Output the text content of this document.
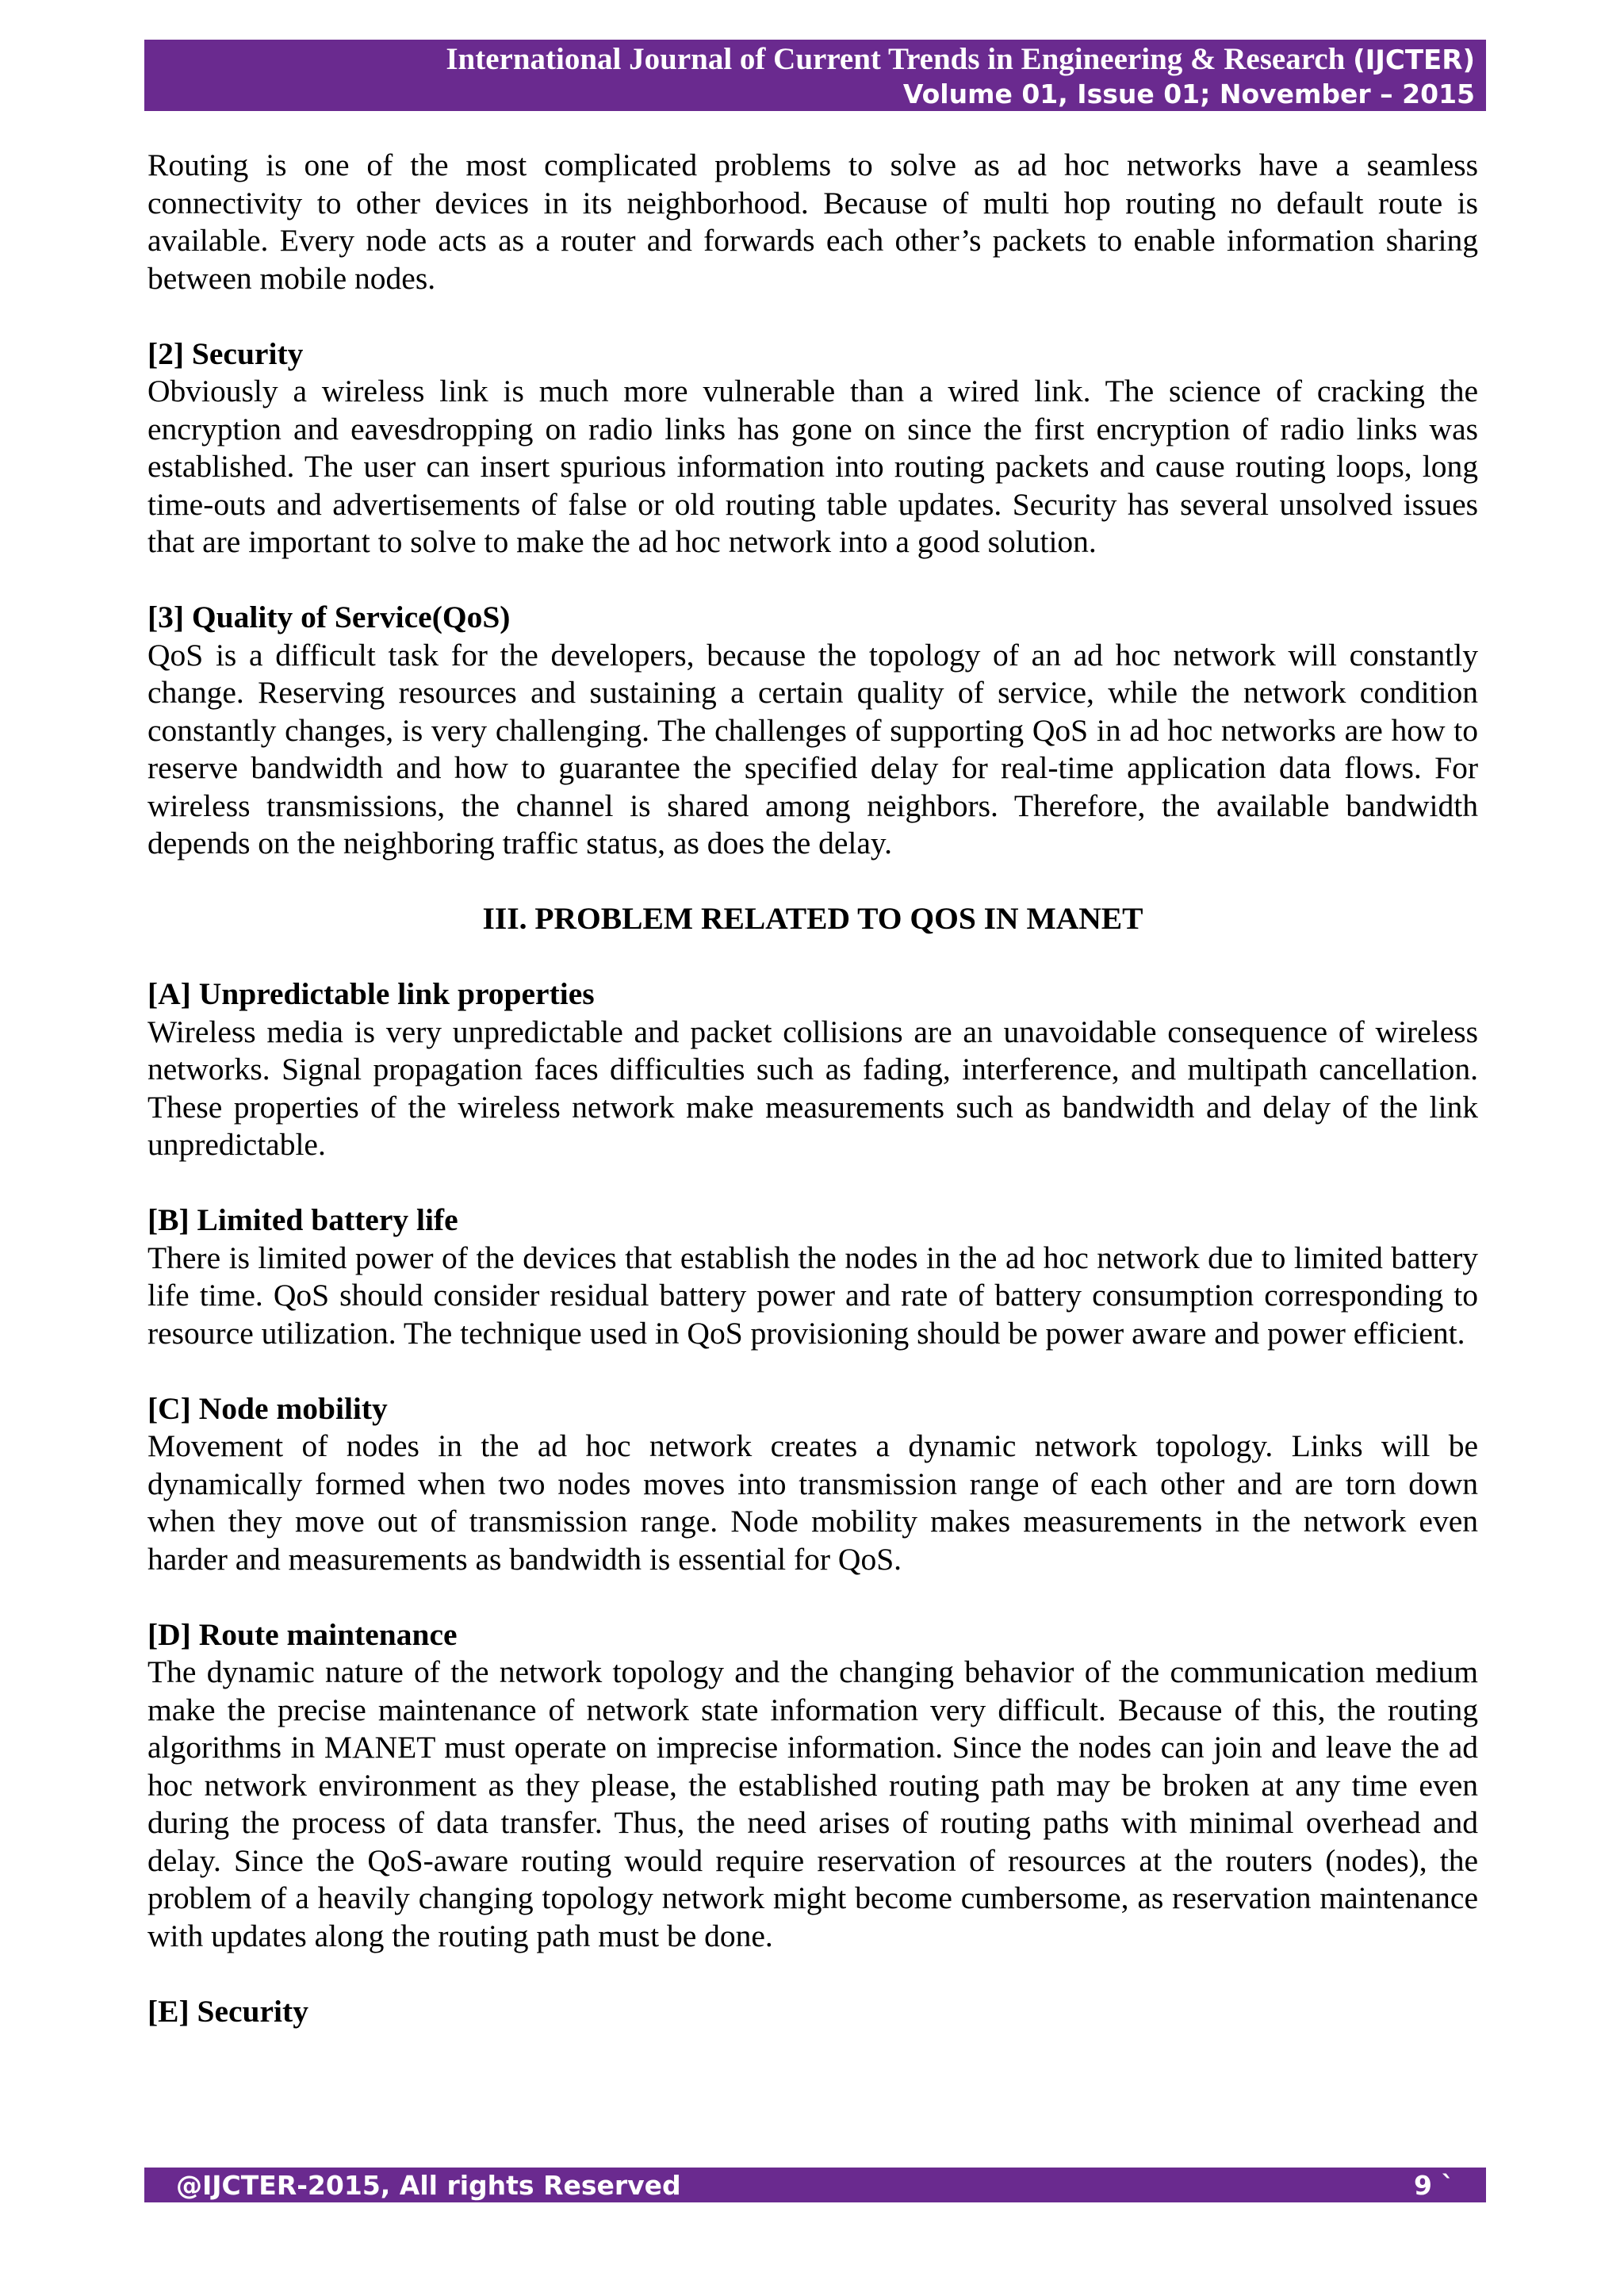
International Journal of Current Trends in Engineering & Research (IJCTER)
Volume 01, Issue 01; November – 2015

Routing is one of the most complicated problems to solve as ad hoc networks have a seamless connectivity to other devices in its neighborhood. Because of multi hop routing no default route is available. Every node acts as a router and forwards each other’s packets to enable information sharing between mobile nodes.

[2] Security

Obviously a wireless link is much more vulnerable than a wired link. The science of cracking the encryption and eavesdropping on radio links has gone on since the first encryption of radio links was established. The user can insert spurious information into routing packets and cause routing loops, long time-outs and advertisements of false or old routing table updates. Security has several unsolved issues that are important to solve to make the ad hoc network into a good solution.

[3] Quality of Service(QoS)

QoS is a difficult task for the developers, because the topology of an ad hoc network will constantly change. Reserving resources and sustaining a certain quality of service, while the network condition constantly changes, is very challenging. The challenges of supporting QoS in ad hoc networks are how to reserve bandwidth and how to guarantee the specified delay for real-time application data flows. For wireless transmissions, the channel is shared among neighbors. Therefore, the available bandwidth depends on the neighboring traffic status, as does the delay.

III. PROBLEM RELATED TO QOS IN MANET
[A] Unpredictable link properties

Wireless media is very unpredictable and packet collisions are an unavoidable consequence of wireless networks. Signal propagation faces difficulties such as fading, interference, and multipath cancellation. These properties of the wireless network make measurements such as bandwidth and delay of the link unpredictable.

[B] Limited battery life

There is limited power of the devices that establish the nodes in the ad hoc network due to limited battery life time. QoS should consider residual battery power and rate of battery consumption corresponding to resource utilization. The technique used in QoS provisioning should be power aware and power efficient.

[C] Node mobility

Movement of nodes in the ad hoc network creates a dynamic network topology. Links will be dynamically formed when two nodes moves into transmission range of each other and are torn down when they move out of transmission range. Node mobility makes measurements in the network even harder and measurements as bandwidth is essential for QoS.

[D] Route maintenance

The dynamic nature of the network topology and the changing behavior of the communication medium make the precise maintenance of network state information very difficult. Because of this, the routing algorithms in MANET must operate on imprecise information. Since the nodes can join and leave the ad hoc network environment as they please, the established routing path may be broken at any time even during the process of data transfer. Thus, the need arises of routing paths with minimal overhead and delay. Since the QoS-aware routing would require reservation of resources at the routers (nodes), the problem of a heavily changing topology network might become cumbersome, as reservation maintenance with updates along the routing path must be done.

[E] Security
@IJCTER-2015, All rights Reserved	9 `
